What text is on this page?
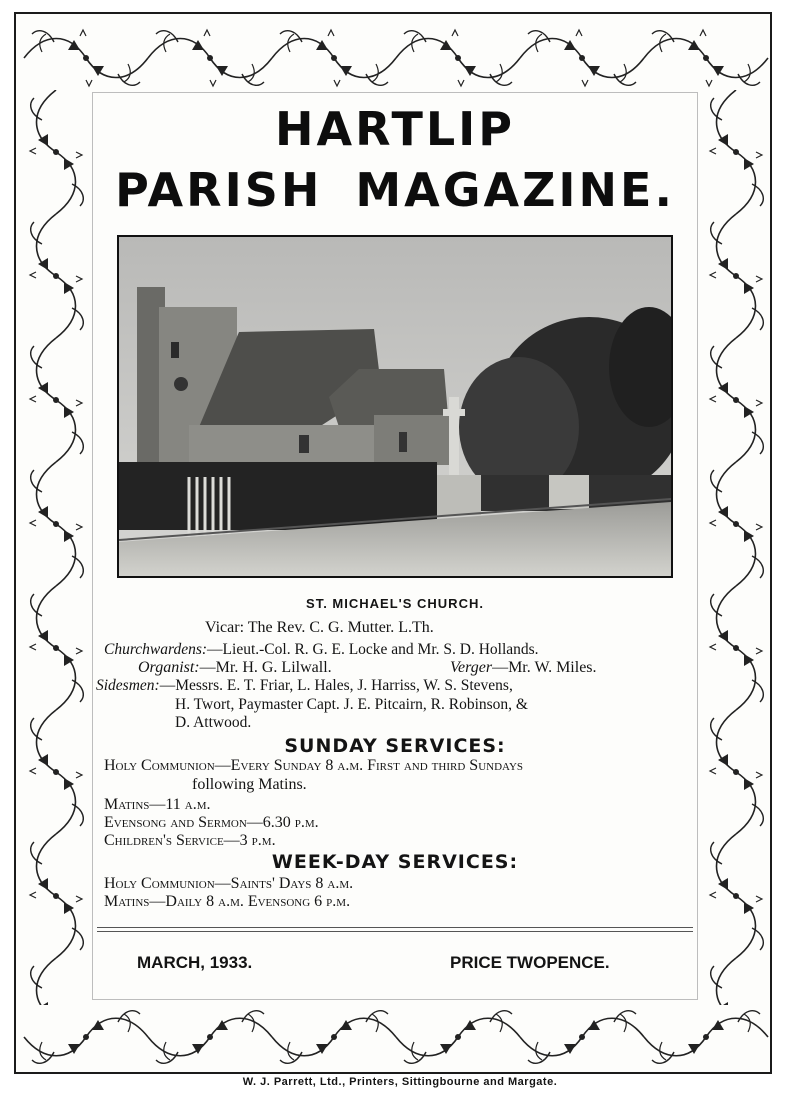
HARTLIP
PARISH MAGAZINE.
ST. MICHAEL'S CHURCH.
Vicar: The Rev. C. G. Mutter. L.Th.
Churchwardens:—Lieut.-Col. R. G. E. Locke and Mr. S. D. Hollands.
Organist:—Mr. H. G. Lilwall.	Verger—Mr. W. Miles.
Sidesmen:—Messrs. E. T. Friar, L. Hales, J. Harriss, W. S. Stevens,
H. Twort, Paymaster Capt. J. E. Pitcairn, R. Robinson, &
D. Attwood.
SUNDAY SERVICES:
Holy Communion—Every Sunday 8 a.m. First and third Sundays
following Matins.
Matins—11 a.m.
Evensong and Sermon—6.30 p.m.
Children's Service—3 p.m.
WEEK-DAY SERVICES:
Holy Communion—Saints' Days 8 a.m.
Matins—Daily 8 a.m. Evensong 6 p.m.
MARCH, 1933.	PRICE TWOPENCE.
W. J. Parrett, Ltd., Printers, Sittingbourne and Margate.
